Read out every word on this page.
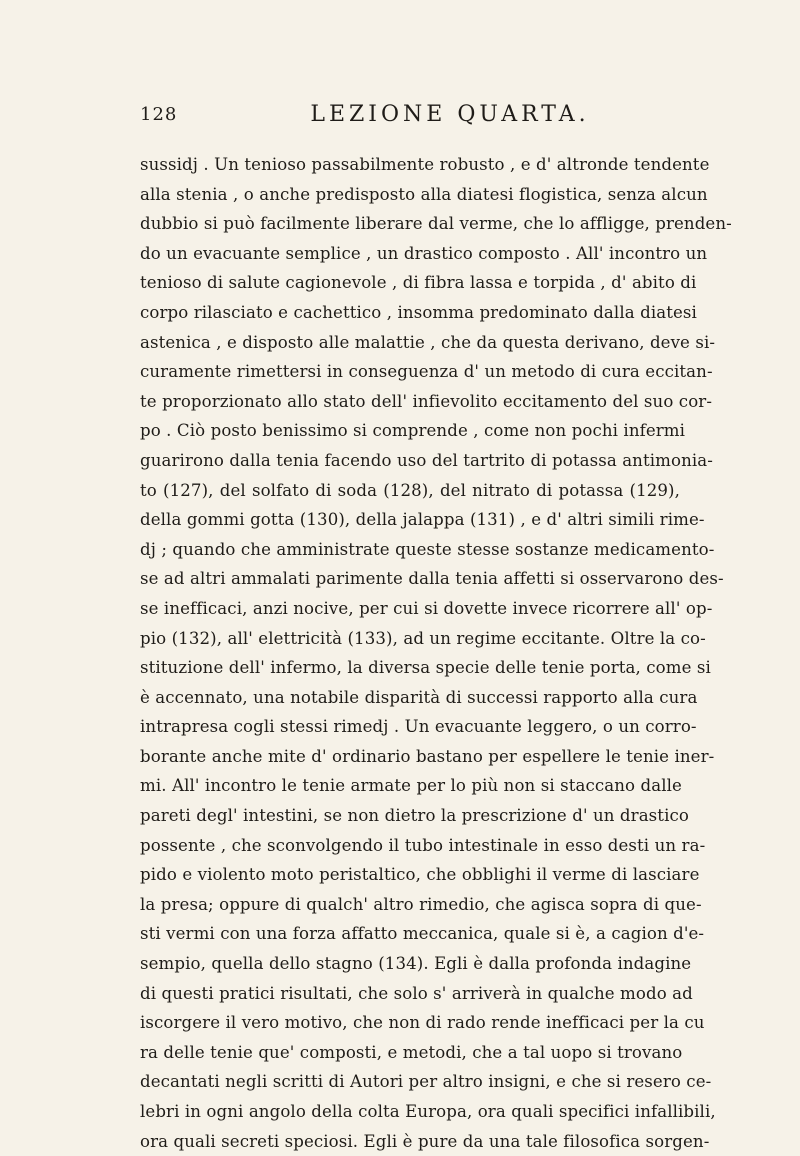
128	LEZIONE QUARTA.
sussidj . Un tenioso passabilmente robusto , e d' altronde tendente
alla stenia , o anche predisposto alla diatesi flogistica, senza alcun
dubbio si può facilmente liberare dal verme, che lo affligge, prenden-
do un evacuante semplice , un drastico composto . All' incontro un
tenioso di salute cagionevole , di fibra lassa e torpida , d' abito di
corpo rilasciato e cachettico , insomma predominato dalla diatesi
astenica , e disposto alle malattie , che da questa derivano, deve si-
curamente rimettersi in conseguenza d' un metodo di cura eccitan-
te proporzionato allo stato dell' infievolito eccitamento del suo cor-
po . Ciò posto benissimo si comprende , come non pochi infermi
guarirono dalla tenia facendo uso del tartrito di potassa antimonia-
to (127), del solfato di soda (128), del nitrato di potassa (129),
della gommi gotta (130), della jalappa (131) , e d' altri simili rime-
dj ; quando che amministrate queste stesse sostanze medicamento-
se ad altri ammalati parimente dalla tenia affetti si osservarono des-
se inefficaci, anzi nocive, per cui si dovette invece ricorrere all' op-
pio (132), all' elettricità (133), ad un regime eccitante. Oltre la co-
stituzione dell' infermo, la diversa specie delle tenie porta, come si
è accennato, una notabile disparità di successi rapporto alla cura
intrapresa cogli stessi rimedj . Un evacuante leggero, o un corro-
borante anche mite d' ordinario bastano per espellere le tenie iner-
mi. All' incontro le tenie armate per lo più non si staccano dalle
pareti degl' intestini, se non dietro la prescrizione d' un drastico
possente , che sconvolgendo il tubo intestinale in esso desti un ra-
pido e violento moto peristaltico, che obblighi il verme di lasciare
la presa; oppure di qualch' altro rimedio, che agisca sopra di que-
sti vermi con una forza affatto meccanica, quale si è, a cagion d'e-
sempio, quella dello stagno (134). Egli è dalla profonda indagine
di questi pratici risultati, che solo s' arriverà in qualche modo ad
iscorgere il vero motivo, che non di rado rende inefficaci per la cu
ra delle tenie que' composti, e metodi, che a tal uopo si trovano
decantati negli scritti di Autori per altro insigni, e che si resero ce-
lebri in ogni angolo della colta Europa, ora quali specifici infallibili,
ora quali secreti speciosi. Egli è pure da una tale filosofica sorgen-
